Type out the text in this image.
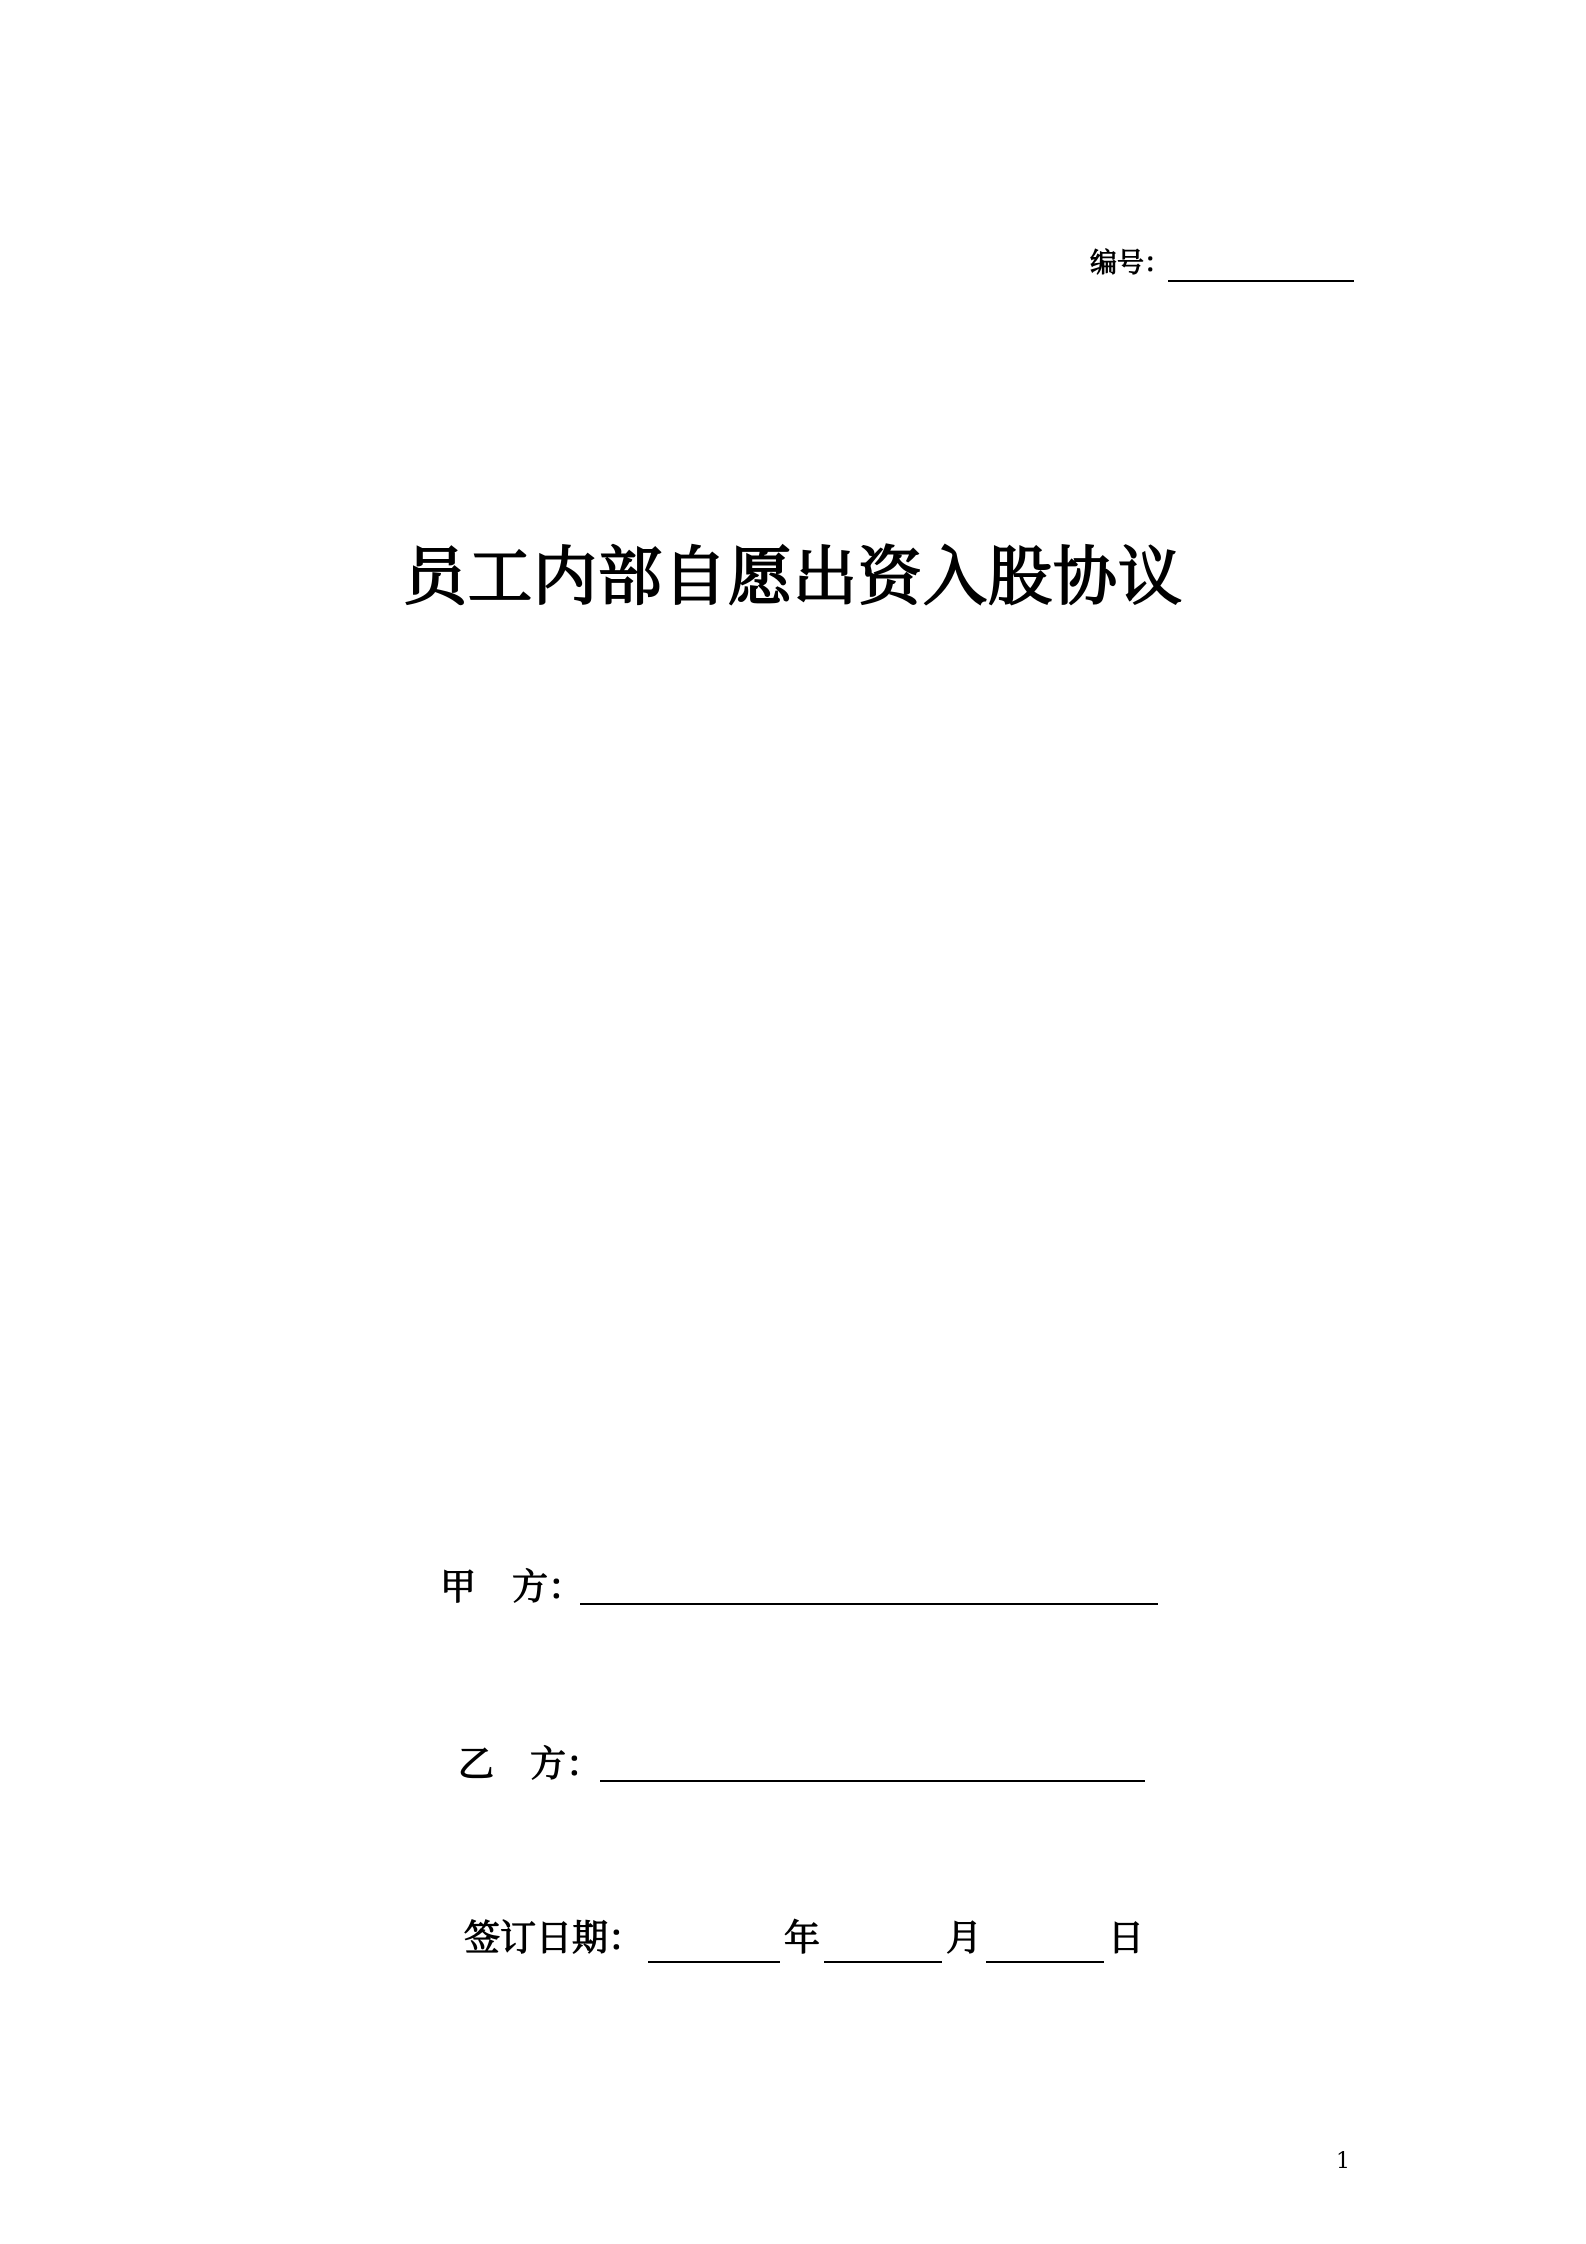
编号：
员工内部自愿出资入股协议
甲　方：
乙　方：
签订日期：	年	月	日
1
